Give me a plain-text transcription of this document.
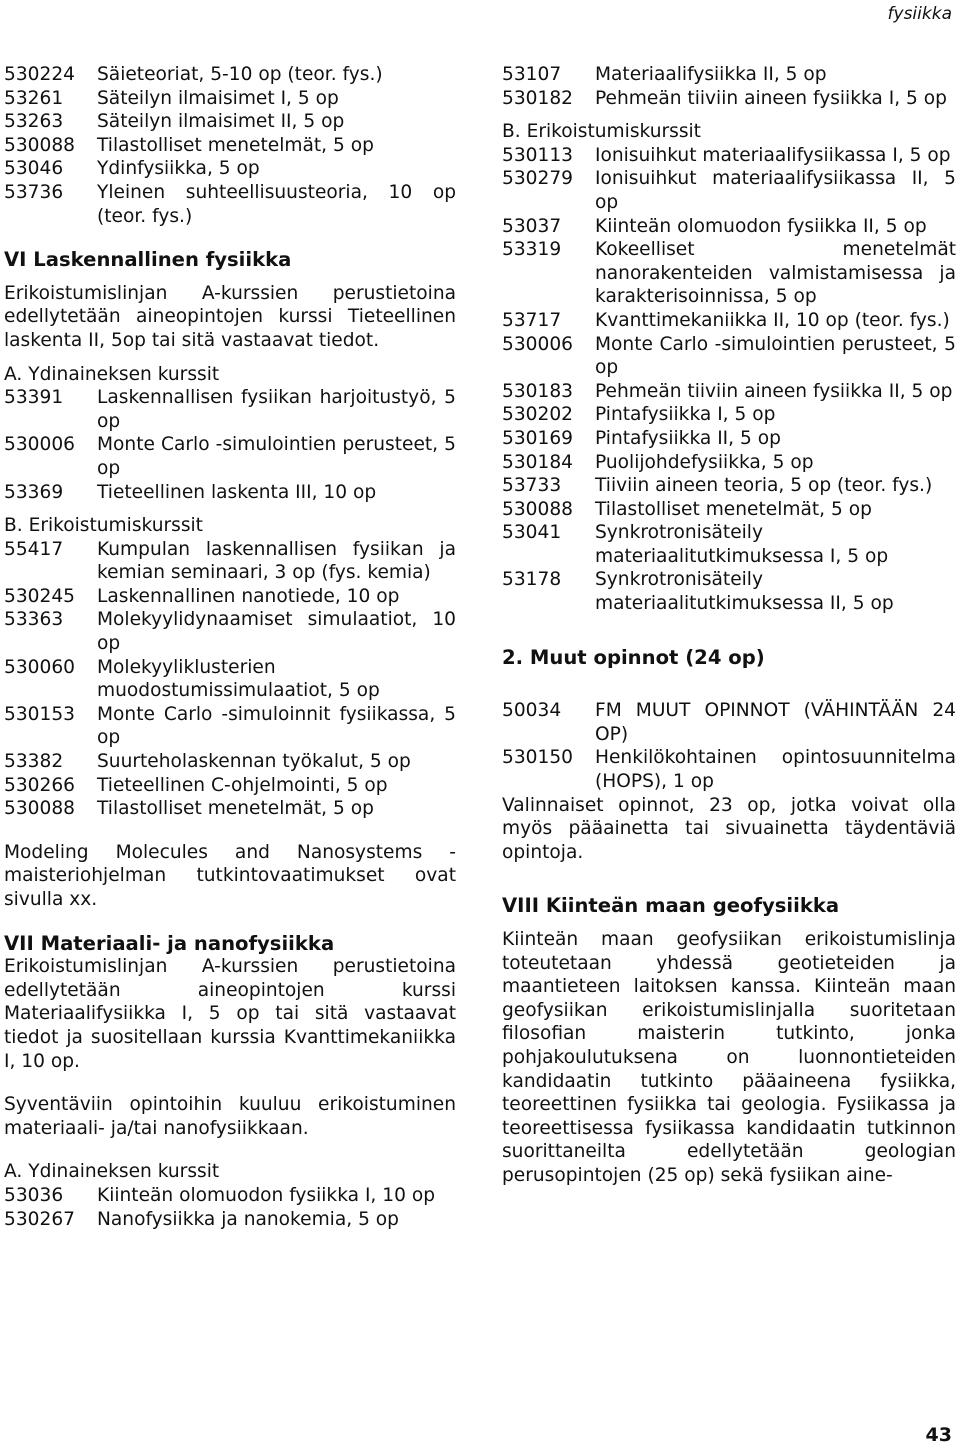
fysiikka
530224	Säieteoriat, 5-10 op (teor. fys.)
53261	Säteilyn ilmaisimet I, 5 op
53263	Säteilyn ilmaisimet II, 5 op
530088	Tilastolliset menetelmät, 5 op
53046	Ydinfysiikka, 5 op
53736	Yleinen suhteellisuusteoria, 10 op (teor. fys.)
VI Laskennallinen fysiikka

Erikoistumislinjan A-kurssien perustietoina edellytetään aineopintojen kurssi Tieteellinen laskenta II, 5op tai sitä vastaavat tiedot.

A. Ydinaineksen kurssit
53391	Laskennallisen fysiikan harjoitustyö, 5 op
530006	Monte Carlo -simulointien perusteet, 5 op
53369	Tieteellinen laskenta III, 10 op
B. Erikoistumiskurssit
55417	Kumpulan laskennallisen fysiikan ja kemian seminaari, 3 op (fys. kemia)
530245	Laskennallinen nanotiede, 10 op
53363	Molekyylidynaamiset simulaatiot, 10 op
530060	Molekyyliklusterien muodostumissimulaatiot, 5 op
530153	Monte Carlo -simuloinnit fysiikassa, 5 op
53382	Suurteholaskennan työkalut, 5 op
530266	Tieteellinen C-ohjelmointi, 5 op
530088	Tilastolliset menetelmät, 5 op

Modeling Molecules and Nanosystems -maisteriohjelman tutkintovaatimukset ovat sivulla xx.

VII Materiaali- ja nanofysiikka

Erikoistumislinjan A-kurssien perustietoina edellytetään aineopintojen kurssi Materiaalifysiikka I, 5 op tai sitä vastaavat tiedot ja suositellaan kurssia Kvanttimekaniikka I, 10 op.

Syventäviin opintoihin kuuluu erikoistuminen materiaali- ja/tai nanofysiikkaan.

A. Ydinaineksen kurssit
53036	Kiinteän olomuodon fysiikka I, 10 op
530267	Nanofysiikka ja nanokemia, 5 op
53107	Materiaalifysiikka II, 5 op
530182	Pehmeän tiiviin aineen fysiikka I, 5 op
B. Erikoistumiskurssit
530113	Ionisuihkut materiaalifysiikassa I, 5 op
530279	Ionisuihkut materiaalifysiikassa II, 5 op
53037	Kiinteän olomuodon fysiikka II, 5 op
53319	Kokeelliset menetelmät nanorakenteiden valmistamisessa ja karakterisoinnissa, 5 op
53717	Kvanttimekaniikka II, 10 op (teor. fys.)
530006	Monte Carlo -simulointien perusteet, 5 op
530183	Pehmeän tiiviin aineen fysiikka II, 5 op
530202	Pintafysiikka I, 5 op
530169	Pintafysiikka II, 5 op
530184	Puolijohdefysiikka, 5 op
53733	Tiiviin aineen teoria, 5 op (teor. fys.)
530088	Tilastolliset menetelmät, 5 op
53041	Synkrotronisäteily materiaalitutkimuksessa I, 5 op
53178	Synkrotronisäteily materiaalitutkimuksessa II, 5 op
2. Muut opinnot (24 op)
50034	FM MUUT OPINNOT (VÄHINTÄÄN 24 OP)
530150	Henkilökohtainen opintosuunnitelma (HOPS), 1 op

Valinnaiset opinnot, 23 op, jotka voivat olla myös pääainetta tai sivuainetta täydentäviä opintoja.

VIII Kiinteän maan geofysiikka

Kiinteän maan geofysiikan erikoistumislinja toteutetaan yhdessä geotieteiden ja maantieteen laitoksen kanssa. Kiinteän maan geofysiikan erikoistumislinjalla suoritetaan filosofian maisterin tutkinto, jonka pohjakoulutuksena on luonnontieteiden kandidaatin tutkinto pääaineena fysiikka, teoreettinen fysiikka tai geologia. Fysiikassa ja teoreettisessa fysiikassa kandidaatin tutkinnon suorittaneilta edellytetään geologian perusopintojen (25 op) sekä fysiikan aine-

43
